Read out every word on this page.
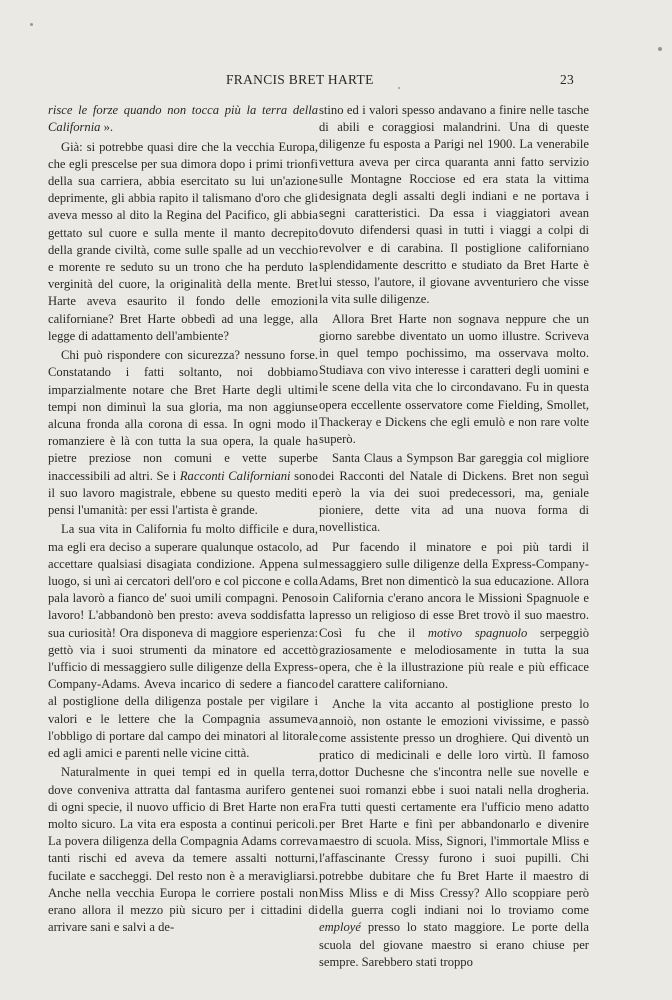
FRANCIS BRET HARTE	23

risce le forze quando non tocca più la terra della California ».

Già: si potrebbe quasi dire che la vecchia Europa, che egli prescelse per sua dimora dopo i primi trionfi della sua carriera, abbia esercitato su lui un'azione deprimente, gli abbia rapito il talismano d'oro che gli aveva messo al dito la Regina del Pacifico, gli abbia gettato sul cuore e sulla mente il manto decrepito della grande civiltà, come sulle spalle ad un vecchio e morente re seduto su un trono che ha perduto la verginità del cuore, la originalità della mente. Bret Harte aveva esaurito il fondo delle emozioni californiane? Bret Harte obbedì ad una legge, alla legge di adattamento dell'ambiente?

Chi può rispondere con sicurezza? nessuno forse. Constatando i fatti soltanto, noi dobbiamo imparzialmente notare che Bret Harte degli ultimi tempi non diminuì la sua gloria, ma non aggiunse alcuna fronda alla corona di essa. In ogni modo il romanziere è là con tutta la sua opera, la quale ha pietre preziose non comuni e vette superbe inaccessibili ad altri. Se i Racconti Californiani sono il suo lavoro magistrale, ebbene su questo mediti e pensi l'umanità: per essi l'artista è grande.

La sua vita in California fu molto difficile e dura, ma egli era deciso a superare qualunque ostacolo, ad accettare qualsiasi disagiata condizione. Appena sul luogo, si unì ai cercatori dell'oro e col piccone e colla pala lavorò a fianco de' suoi umili compagni. Penoso lavoro! L'abbandonò ben presto: aveva soddisfatta la sua curiosità! Ora disponeva di maggiore esperienza: gettò via i suoi strumenti da minatore ed accettò l'ufficio di messaggiero sulle diligenze della Express-Company-Adams. Aveva incarico di sedere a fianco al postiglione della diligenza postale per vigilare i valori e le lettere che la Compagnia assumeva l'obbligo di portare dal campo dei minatori al litorale ed agli amici e parenti nelle vicine città.

Naturalmente in quei tempi ed in quella terra, dove conveniva attratta dal fantasma aurifero gente di ogni specie, il nuovo ufficio di Bret Harte non era molto sicuro. La vita era esposta a continui pericoli. La povera diligenza della Compagnia Adams correva tanti rischi ed aveva da temere assalti notturni, fucilate e saccheggi. Del resto non è a meravigliarsi. Anche nella vecchia Europa le corriere postali non erano allora il mezzo più sicuro per i cittadini di arrivare sani e salvi a de-

stino ed i valori spesso andavano a finire nelle tasche di abili e coraggiosi malandrini. Una di queste diligenze fu esposta a Parigi nel 1900. La venerabile vettura aveva per circa quaranta anni fatto servizio sulle Montagne Rocciose ed era stata la vittima designata degli assalti degli indiani e ne portava i segni caratteristici. Da essa i viaggiatori avean dovuto difendersi quasi in tutti i viaggi a colpi di revolver e di carabina. Il postiglione californiano splendidamente descritto e studiato da Bret Harte è lui stesso, l'autore, il giovane avventuriero che visse la vita sulle diligenze.

Allora Bret Harte non sognava neppure che un giorno sarebbe diventato un uomo illustre. Scriveva in quel tempo pochissimo, ma osservava molto. Studiava con vivo interesse i caratteri degli uomini e le scene della vita che lo circondavano. Fu in questa opera eccellente osservatore come Fielding, Smollet, Thackeray e Dickens che egli emulò e non rare volte superò.

Santa Claus a Sympson Bar gareggia col migliore dei Racconti del Natale di Dickens. Bret non seguì però la via dei suoi predecessori, ma, geniale pioniere, dette vita ad una nuova forma di novellistica.

Pur facendo il minatore e poi più tardi il messaggiero sulle diligenze della Express-Company-Adams, Bret non dimenticò la sua educazione. Allora in California c'erano ancora le Missioni Spagnuole e presso un religioso di esse Bret trovò il suo maestro. Così fu che il motivo spagnuolo serpeggiò graziosamente e melodiosamente in tutta la sua opera, che è la illustrazione più reale e più efficace del carattere californiano.

Anche la vita accanto al postiglione presto lo annoiò, non ostante le emozioni vivissime, e passò come assistente presso un droghiere. Qui diventò un pratico di medicinali e delle loro virtù. Il famoso dottor Duchesne che s'incontra nelle sue novelle e nei suoi romanzi ebbe i suoi natali nella drogheria. Fra tutti questi certamente era l'ufficio meno adatto per Bret Harte e finì per abbandonarlo e divenire maestro di scuola. Miss, Signori, l'immortale Mliss e l'affascinante Cressy furono i suoi pupilli. Chi potrebbe dubitare che fu Bret Harte il maestro di Miss Mliss e di Miss Cressy? Allo scoppiare però della guerra cogli indiani noi lo troviamo come employé presso lo stato maggiore. Le porte della scuola del giovane maestro si erano chiuse per sempre. Sarebbero stati troppo
